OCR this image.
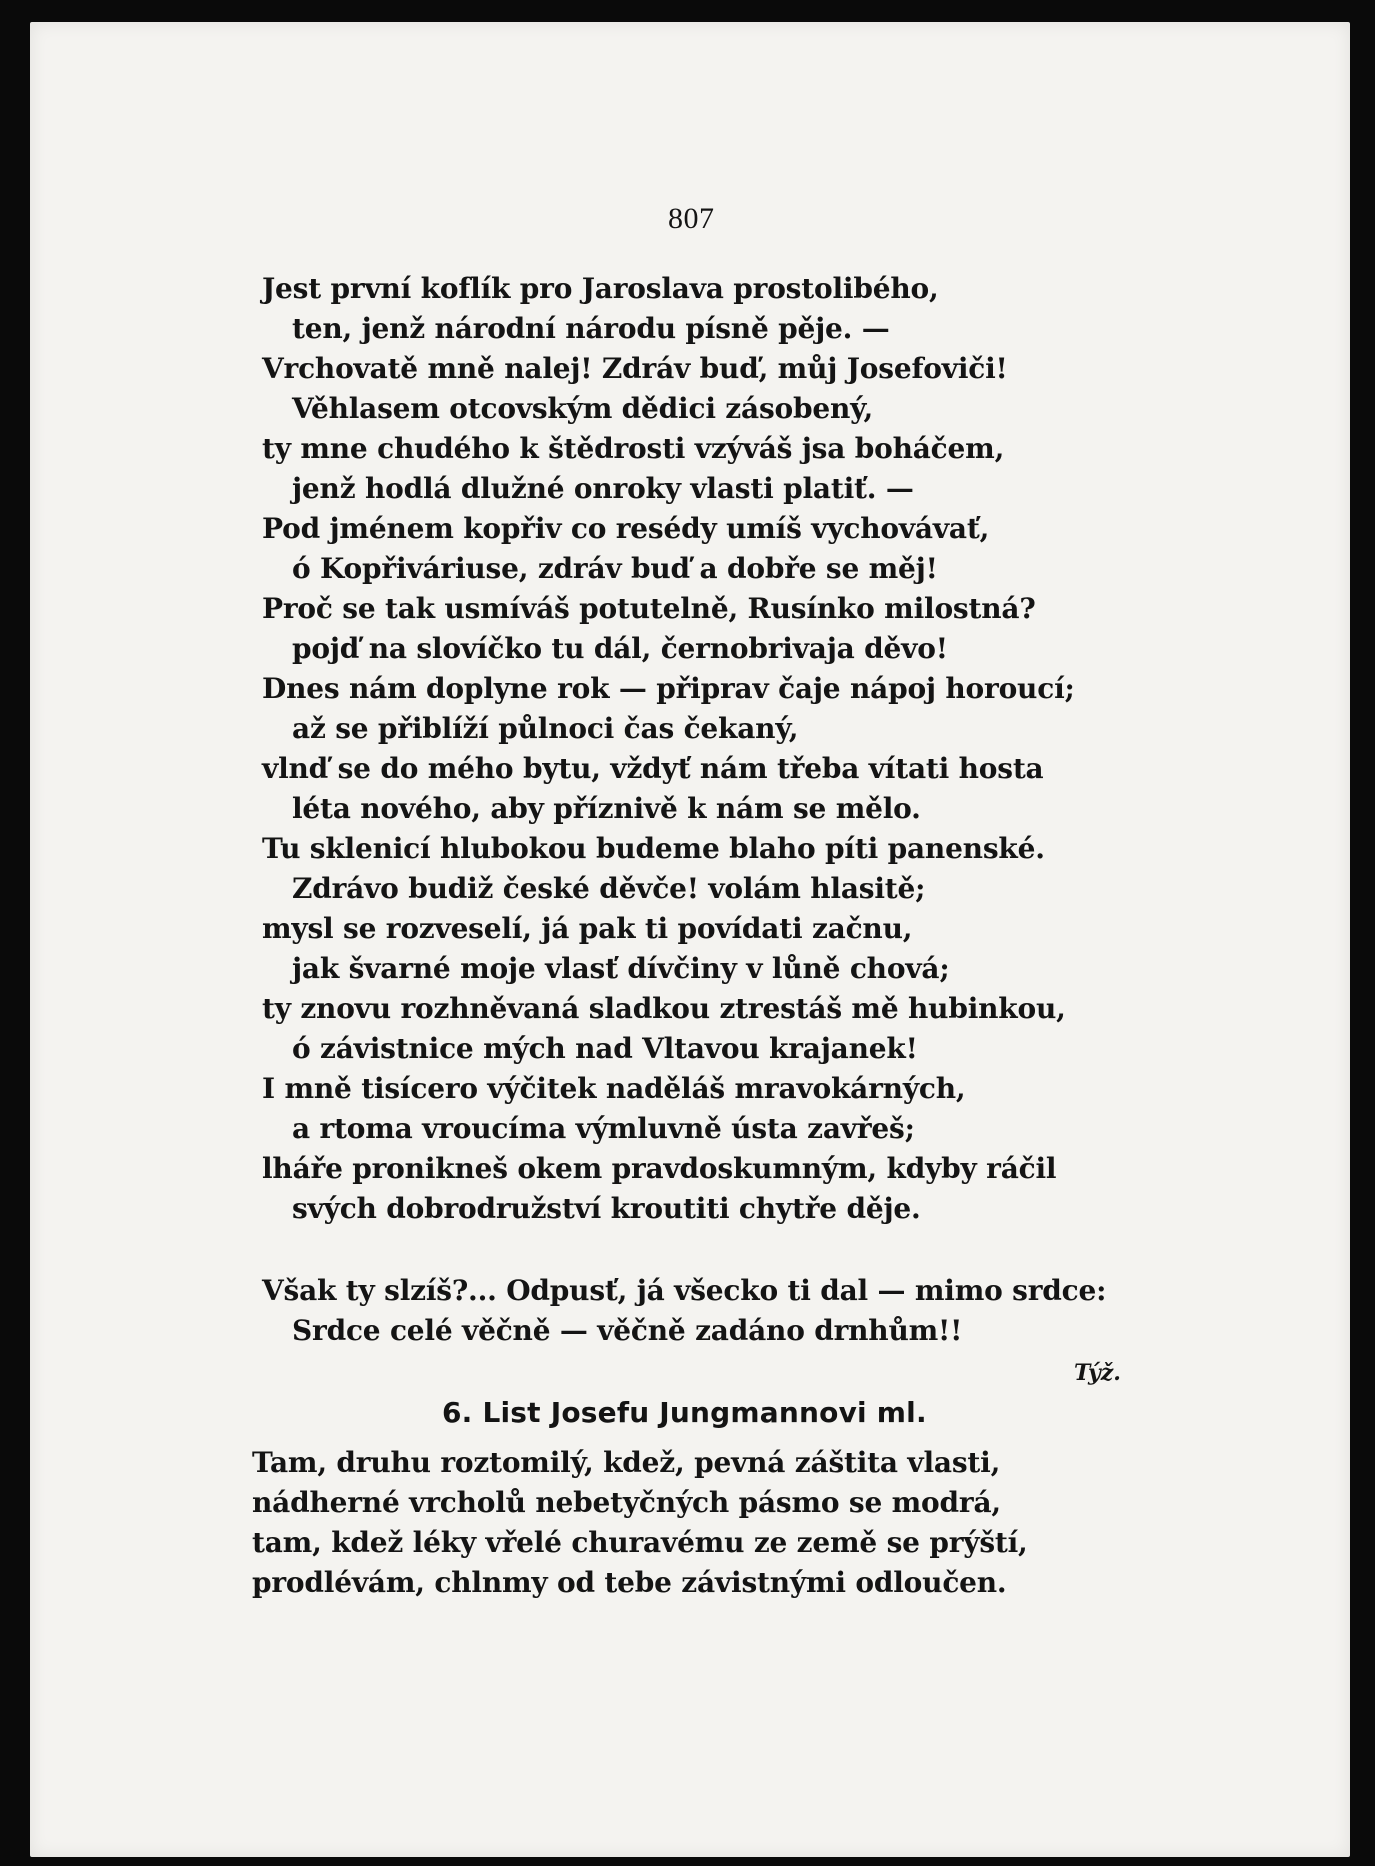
807
Jest první koflík pro Jaroslava prostolibého,
ten, jenž národní národu písně pěje. —
Vrchovatě mně nalej! Zdráv buď, můj Josefoviči!
Věhlasem otcovským dědici zásobený,
ty mne chudého k štědrosti vzýváš jsa boháčem,
jenž hodlá dlužné onroky vlasti platiť. —
Pod jménem kopřiv co resédy umíš vychovávať,
ó Kopřiváriuse, zdráv buď a dobře se měj!
Proč se tak usmíváš potutelně, Rusínko milostná?
pojď na slovíčko tu dál, černobrivaja děvo!
Dnes nám doplyne rok — připrav čaje nápoj horoucí;
až se přiblíží půlnoci čas čekaný,
vlnď se do mého bytu, vždyť nám třeba vítati hosta
léta nového, aby příznivě k nám se mělo.
Tu sklenicí hlubokou budeme blaho píti panenské.
Zdrávo budiž české děvče! volám hlasitě;
mysl se rozveselí, já pak ti povídati začnu,
jak švarné moje vlasť dívčiny v lůně chová;
ty znovu rozhněvaná sladkou ztrestáš mě hubinkou,
ó závistnice mých nad Vltavou krajanek!
I mně tisícero výčitek naděláš mravokárných,
a rtoma vroucíma výmluvně ústa zavřeš;
lháře pronikneš okem pravdoskumným, kdyby ráčil
svých dobrodružství kroutiti chytře děje.
Však ty slzíš?... Odpusť, já všecko ti dal — mimo srdce:
Srdce celé věčně — věčně zadáno drnhům!!
Týž.
6. List Josefu Jungmannovi ml.
Tam, druhu roztomilý, kdež, pevná záštita vlasti,
nádherné vrcholů nebetyčných pásmo se modrá,
tam, kdež léky vřelé churavému ze země se prýští,
prodlévám, chlnmy od tebe závistnými odloučen.
